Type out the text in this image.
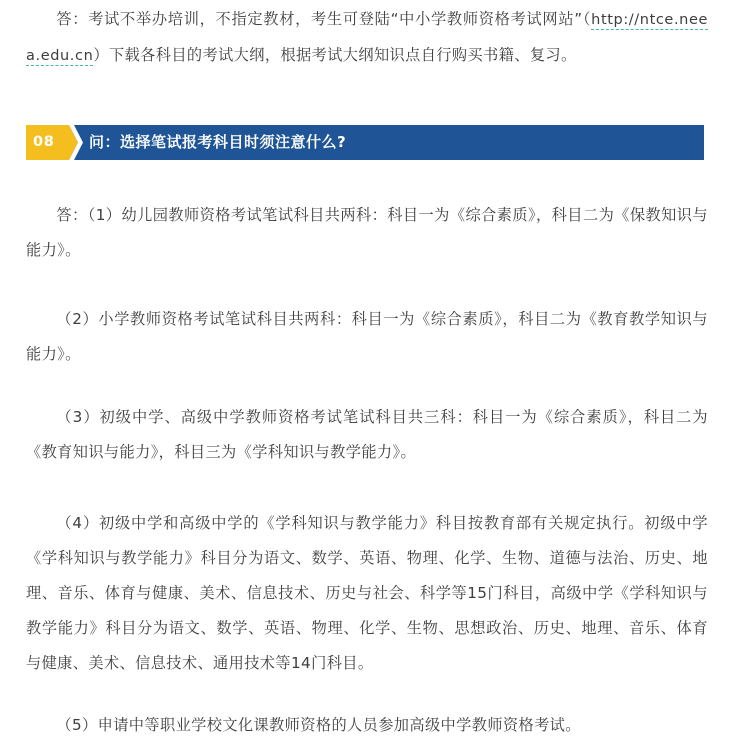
答：考试不举办培训，不指定教材，考生可登陆“中小学教师资格考试网站”（http://ntce.neea.edu.cn）下载各科目的考试大纲，根据考试大纲知识点自行购买书籍、复习。

08	问：选择笔试报考科目时须注意什么?

答：（1）幼儿园教师资格考试笔试科目共两科：科目一为《综合素质》，科目二为《保教知识与能力》。

（2）小学教师资格考试笔试科目共两科：科目一为《综合素质》，科目二为《教育教学知识与能力》。

（3）初级中学、高级中学教师资格考试笔试科目共三科：科目一为《综合素质》，科目二为《教育知识与能力》，科目三为《学科知识与教学能力》。

（4）初级中学和高级中学的《学科知识与教学能力》科目按教育部有关规定执行。初级中学《学科知识与教学能力》科目分为语文、数学、英语、物理、化学、生物、道德与法治、历史、地理、音乐、体育与健康、美术、信息技术、历史与社会、科学等15门科目，高级中学《学科知识与教学能力》科目分为语文、数学、英语、物理、化学、生物、思想政治、历史、地理、音乐、体育与健康、美术、信息技术、通用技术等14门科目。

（5）申请中等职业学校文化课教师资格的人员参加高级中学教师资格考试。
